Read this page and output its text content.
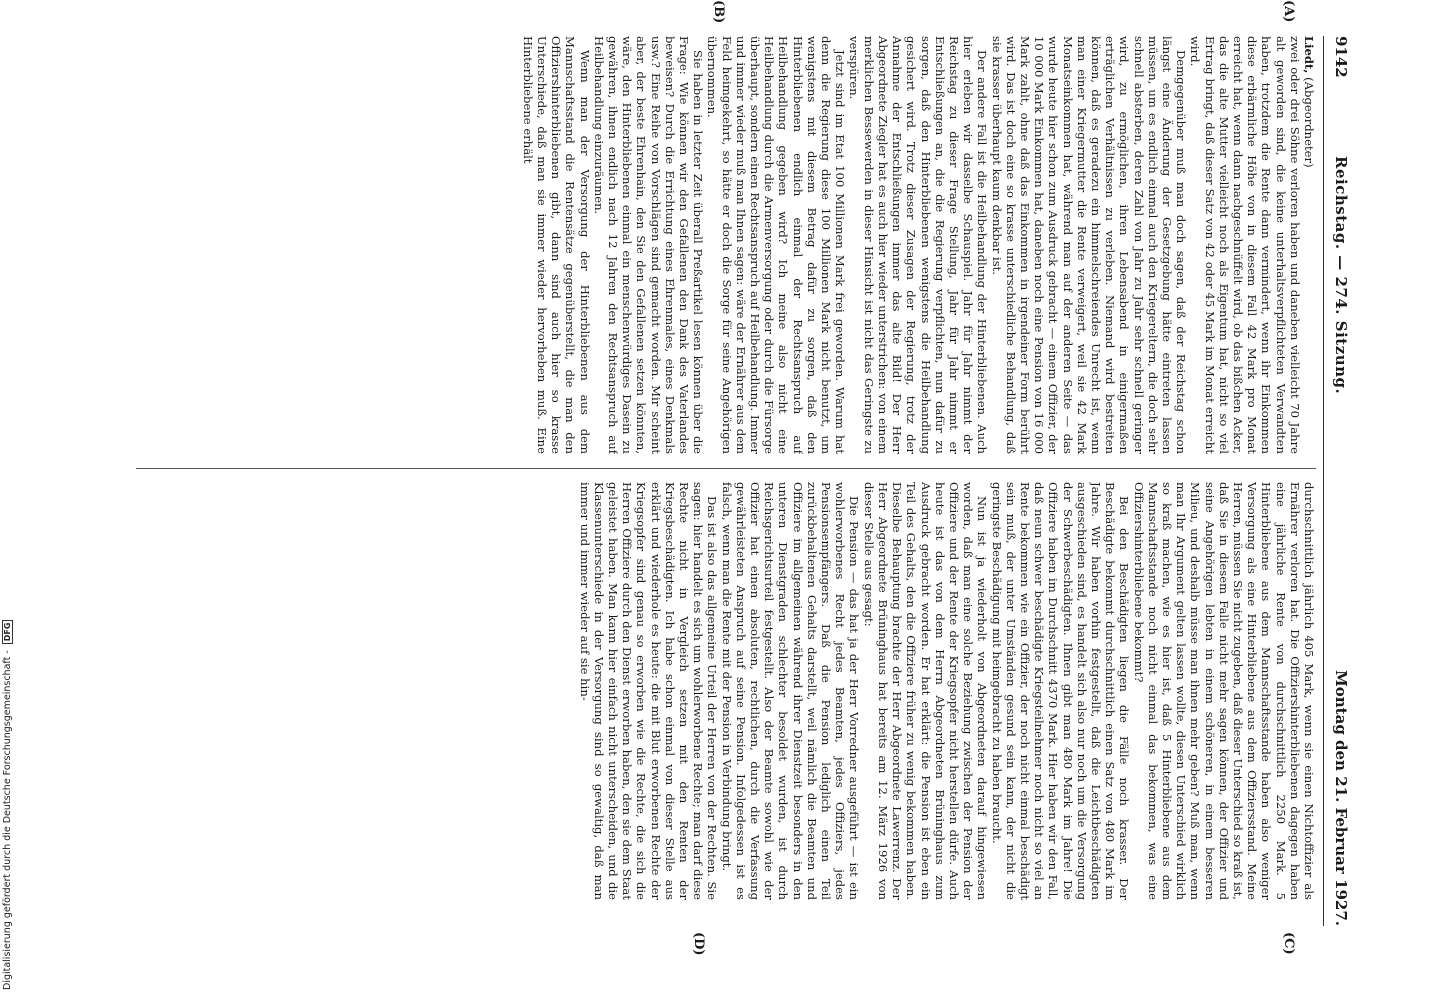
9142
Reichstag. — 274. Sitzung.
Montag den 21. Februar 1927.

Liedt, (Abgeordneter)

zwei oder drei Söhne verloren haben und daneben vielleicht 70 Jahre alt geworden sind, die keine unterhaltsverpflichteten Verwandten haben, trotzdem die Rente dann vermindert, wenn ihr Einkommen diese erbärmliche Höhe von in diesem Fall 42 Mark pro Monat erreicht hat, wenn dann nachgeschnüffelt wird, ob das bißchen Acker, das die alte Mutter vielleicht noch als Eigentum hat, nicht so viel Ertrag bringt, daß dieser Satz von 42 oder 45 Mark im Monat erreicht wird.

Demgegenüber muß man doch sagen, daß der Reichstag schon längst eine Änderung der Gesetzgebung hätte eintreten lassen müssen, um es endlich einmal auch den Kriegereltern, die doch sehr schnell absterben, deren Zahl von Jahr zu Jahr sehr schnell geringer wird, zu ermöglichen, ihren Lebensabend in einigermaßen erträglichen Verhältnissen zu verleben. Niemand wird bestreiten können, daß es geradezu ein himmelschreiendes Unrecht ist, wenn man einer Kriegermutter die Rente verweigert, weil sie 42 Mark Monatseinkommen hat, während man auf der anderen Seite — das wurde heute hier schon zum Ausdruck gebracht — einem Offizier, der 10 000 Mark Einkommen hat, daneben noch eine Pension von 16 000 Mark zahlt, ohne daß das Einkommen in irgendeiner Form berührt wird. Das ist doch eine so krasse unterschiedliche Behandlung, daß sie krasser überhaupt kaum denkbar ist.

Der andere Fall ist die Heilbehandlung der Hinterbliebenen. Auch hier erleben wir dasselbe Schauspiel. Jahr für Jahr nimmt der Reichstag zu dieser Frage Stellung, Jahr für Jahr nimmt er Entschließungen an, die die Regierung verpflichten, nun dafür zu sorgen, daß den Hinterbliebenen wenigstens die Heilbehandlung gesichert wird. Trotz dieser Zusagen der Regierung, trotz der Annahme der Entschließungen immer das alte Bild! Der Herr Abgeordnete Ziegler hat es auch hier wieder unterstrichen: von einem merklichen Bessewerden in dieser Hinsicht ist nicht das Geringste zu verspüren.

Jetzt sind im Etat 100 Millionen Mark frei geworden. Warum hat denn die Regierung diese 100 Millionen Mark nicht benutzt, um wenigstens mit diesem Betrag dafür zu sorgen, daß den Hinterbliebenen endlich einmal der Rechtsanspruch auf Heilbehandlung gegeben wird? Ich meine also nicht eine Heilbehandlung durch die Armenversorgung oder durch die Fürsorge überhaupt, sondern einen Rechtsanspruch auf Heilbehandlung. Immer und immer wieder muß man Ihnen sagen: wäre der Ernährer aus dem Feld heimgekehrt, so hätte er doch die Sorge für seine Angehörigen übernommen.

Sie haben in letzter Zeit überall Preßartikel lesen können über die Frage: Wie können wir den Gefallenen den Dank des Vaterlandes beweisen? Durch die Errichtung eines Ehrenmales, eines Denkmals usw.? Eine Reihe von Vorschlägen sind gemacht worden. Mir scheint aber, der beste Ehrenhain, den Sie den Gefallenen setzen könnten, wäre, den Hinterbliebenen einmal ein menschenwürdiges Dasein zu gewähren, ihnen endlich nach 12 Jahren den Rechtsanspruch auf Heilbehandlung einzuräumen.

Wenn man der Versorgung der Hinterbliebenen aus dem Mannschaftsstand die Rentensätze gegenüberstellt, die man den Offiziershinterbliebenen gibt, dann sind auch hier so krasse Unterschiede, daß man sie immer wieder hervorheben muß. Eine Hinterbliebene erhält

durchschnittlich jährlich 405 Mark, wenn sie einen Nichtoffizier als Ernährer verloren hat. Die Offiziershinterbliebenen dagegen haben eine jährliche Rente von durchschnittlich 2250 Mark. 5 Hinterbliebene aus dem Mannschaftsstande haben also weniger Versorgung als eine Hinterbliebene aus dem Offiziersstand. Meine Herren, müssen Sie nicht zugeben, daß dieser Unterschied so kraß ist, daß Sie in diesem Falle nicht mehr sagen können, der Offizier und seine Angehörigen lebten in einem schöneren, in einem besseren Milieu, und deshalb müsse man ihnen mehr geben? Muß man, wenn man Ihr Argument gelten lassen wollte, diesen Unterschied wirklich so kraß machen, wie es hier ist, daß 5 Hinterbliebene aus dem Mannschaftsstande noch nicht einmal das bekommen, was eine Offiziershinterbliebene bekommt?

Bei den Beschädigten liegen die Fälle noch krasser. Der Beschädigte bekommt durchschnittlich einen Satz von 480 Mark im Jahre. Wir haben vorhin festgestellt, daß die Leichtbeschädigten ausgeschieden sind, es handelt sich also nur noch um die Versorgung der Schwerbeschädigten. Ihnen gibt man 480 Mark im Jahre! Die Offiziere haben im Durchschnitt 4370 Mark. Hier haben wir den Fall, daß neun schwer beschädigte Kriegsteilnehmer noch nicht so viel an Rente bekommen wie ein Offizier, der noch nicht einmal beschädigt sein muß, der unter Umständen gesund sein kann, der nicht die geringste Beschädigung mit heimgebracht zu haben braucht.

Nun ist ja wiederholt von Abgeordneten darauf hingewiesen worden, daß man eine solche Beziehung zwischen der Pension der Offiziere und der Rente der Kriegsopfer nicht herstellen dürfe. Auch heute ist das von dem Herrn Abgeordneten Brüninghaus zum Ausdruck gebracht worden. Er hat erklärt: die Pension ist eben ein Teil des Gehalts, den die Offiziere früher zu wenig bekommen haben. Dieselbe Behauptung brachte der Herr Abgeordnete Lawerrenz. Der Herr Abgeordnete Brüninghaus hat bereits am 12. März 1926 von dieser Stelle aus gesagt:

Die Pension — das hat ja der Herr Vorredner ausgeführt — ist ein wohlerworbenes Recht jedes Beamten, jedes Offiziers, jedes Pensionsempfängers. Daß die Pension lediglich einen Teil zurückbehaltenen Gehalts darstellt, weil nämlich die Beamten und Offiziere im allgemeinen während ihrer Dienstzeit besonders in den unteren Dienstgraden schlechter besoldet wurden, ist durch Reichsgerichtsurteil festgestellt. Also der Beamte sowohl wie der Offizier hat einen absoluten, rechtlichen, durch die Verfassung gewährleisteten Anspruch auf seine Pension. Infolgedessen ist es falsch, wenn man die Rente mit der Pension in Verbindung bringt.

Das ist also das allgemeine Urteil der Herren von der Rechten. Sie sagen: hier handelt es sich um wohlerworbene Rechte; man darf diese Rechte nicht in Vergleich setzen mit den Renten der Kriegsbeschädigten. Ich habe schon einmal von dieser Stelle aus erklärt und wiederhole es heute: die mit Blut erworbenen Rechte der Kriegsopfer sind genau so erworben wie die Rechte, die sich die Herren Offiziere durch den Dienst erworben haben, den sie dem Staat geleistet haben. Man kann hier einfach nicht unterscheiden, und die Klassenunterschiede in der Versorgung sind so gewaltig, daß man immer und immer wieder auf sie hin-

(A)
(B)
(C)
(D)
Digitalisierung gefördert durch die Deutsche Forschungsgemeinschaft - DFG
